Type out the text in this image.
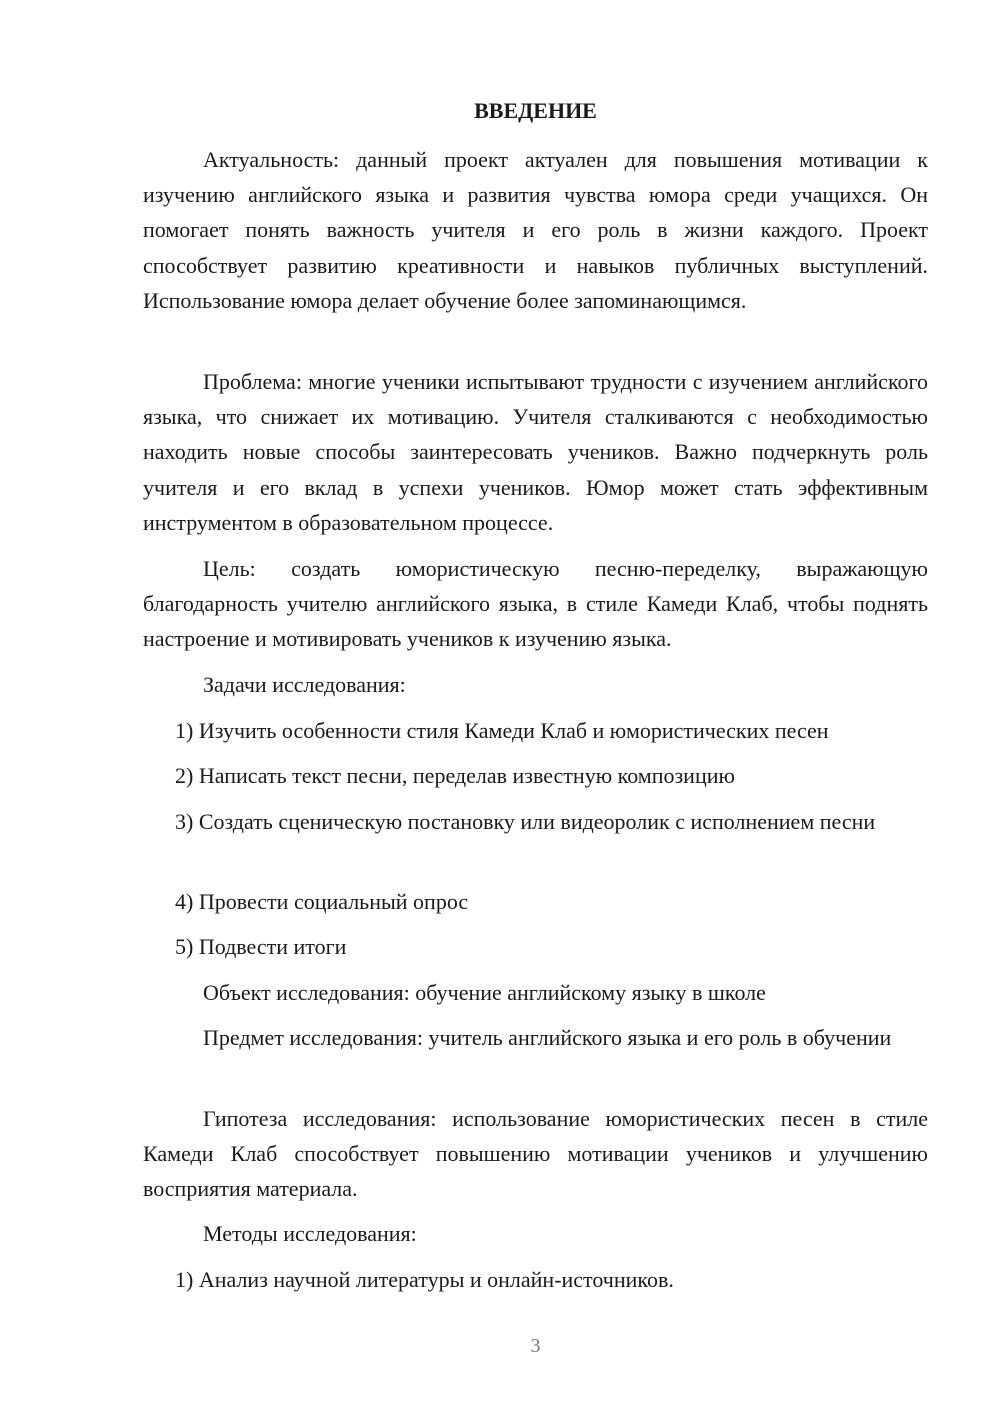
ВВЕДЕНИЕ

Актуальность: данный проект актуален для повышения мотивации к изучению английского языка и развития чувства юмора среди учащихся. Он помогает понять важность учителя и его роль в жизни каждого. Проект способствует развитию креативности и навыков публичных выступлений. Использование юмора делает обучение более запоминающимся.

Проблема: многие ученики испытывают трудности с изучением английского языка, что снижает их мотивацию. Учителя сталкиваются с необходимостью находить новые способы заинтересовать учеников. Важно подчеркнуть роль учителя и его вклад в успехи учеников. Юмор может стать эффективным инструментом в образовательном процессе.

Цель: создать юмористическую песню-переделку, выражающую благодарность учителю английского языка, в стиле Камеди Клаб, чтобы поднять настроение и мотивировать учеников к изучению языка.

Задачи исследования:

1) Изучить особенности стиля Камеди Клаб и юмористических песен

2) Написать текст песни, переделав известную композицию

3) Создать сценическую постановку или видеоролик с исполнением песни

4) Провести социальный опрос

5) Подвести итоги

Объект исследования: обучение английскому языку в школе

Предмет исследования: учитель английского языка и его роль в обучении

Гипотеза исследования: использование юмористических песен в стиле Камеди Клаб способствует повышению мотивации учеников и улучшению восприятия материала.

Методы исследования:

1) Анализ научной литературы и онлайн-источников.

3
